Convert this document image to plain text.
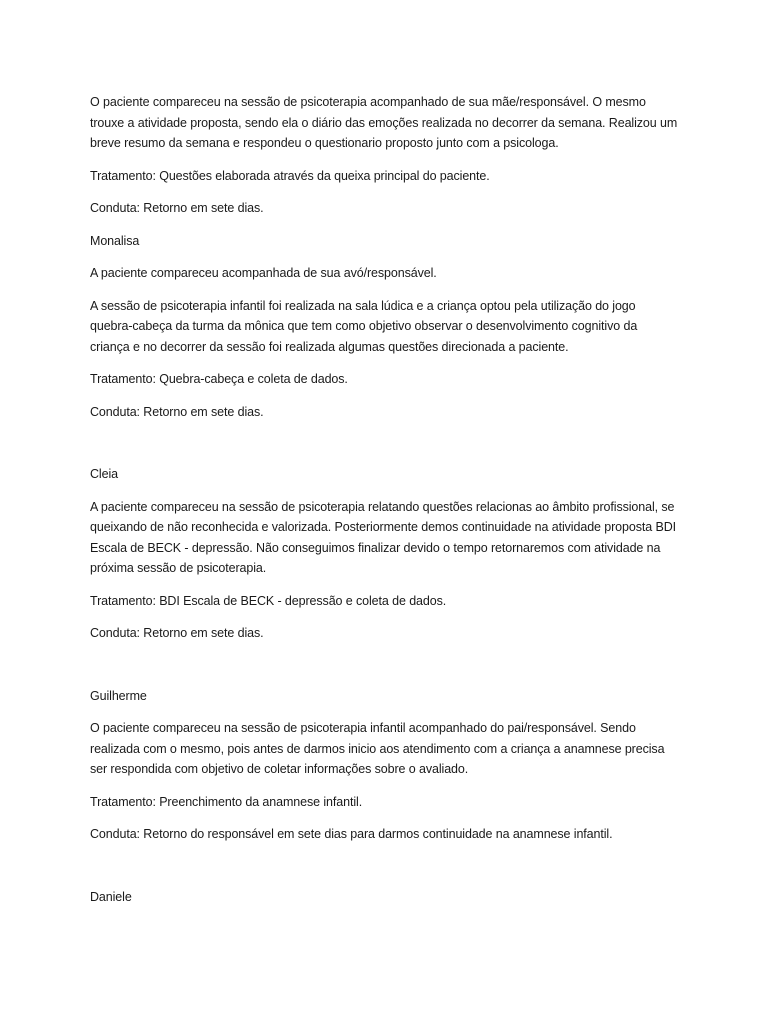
O paciente compareceu na sessão de psicoterapia acompanhado de sua mãe/responsável. O mesmo trouxe a atividade proposta, sendo ela o diário das emoções realizada no decorrer da semana. Realizou um breve resumo da semana e respondeu o questionario proposto junto com a psicologa.

Tratamento: Questões elaborada através da queixa principal do paciente.

Conduta: Retorno em sete dias.

Monalisa

A paciente compareceu acompanhada de sua avó/responsável.

A sessão de psicoterapia infantil foi realizada na sala lúdica e a criança optou pela utilização do jogo quebra-cabeça da turma da mônica que tem como objetivo observar o desenvolvimento cognitivo da criança e no decorrer da sessão foi realizada algumas questões direcionada a paciente.

Tratamento: Quebra-cabeça e coleta de dados.

Conduta: Retorno em sete dias.

Cleia

A paciente compareceu na sessão de psicoterapia relatando questões relacionas ao âmbito profissional, se queixando de não reconhecida e valorizada. Posteriormente demos continuidade na atividade proposta BDI Escala de BECK - depressão. Não conseguimos finalizar devido o tempo retornaremos com atividade na próxima sessão de psicoterapia.

Tratamento: BDI Escala de BECK - depressão e coleta de dados.

Conduta: Retorno em sete dias.

Guilherme

O paciente compareceu na sessão de psicoterapia infantil acompanhado do pai/responsável. Sendo realizada com o mesmo, pois antes de darmos inicio aos atendimento com a criança a anamnese precisa ser respondida com objetivo de coletar informações sobre o avaliado.

Tratamento: Preenchimento da anamnese infantil.

Conduta: Retorno do responsável em sete dias para darmos continuidade na anamnese infantil.

Daniele
